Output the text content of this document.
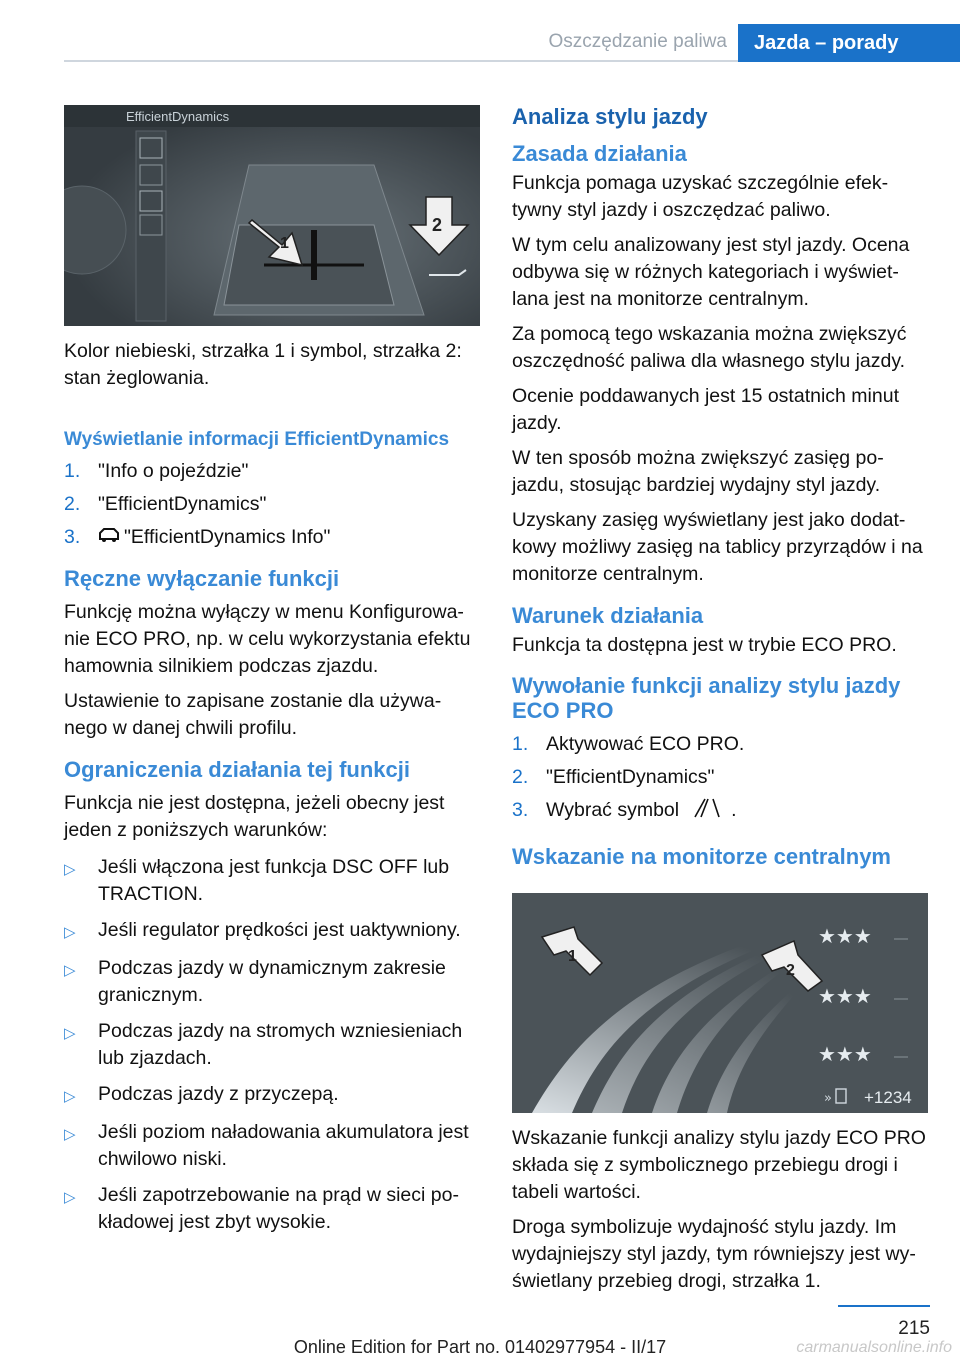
Oszczędzanie paliwa	Jazda – porady
EfficientDynamics
1
2

Kolor niebieski, strzałka 1 i symbol, strzałka 2: stan żeglowania.

Wyświetlanie informacji EfficientDynamics
1. "Info o pojeździe"
2. "EfficientDynamics"
3.	"EfficientDynamics Info"
Ręczne wyłączanie funkcji

Funkcję można wyłączy w menu Konfigurowa‐nie ECO PRO, np. w celu wykorzystania efektu hamownia silnikiem podczas zjazdu.

Ustawienie to zapisane zostanie dla używa‐nego w danej chwili profilu.

Ograniczenia działania tej funkcji

Funkcja nie jest dostępna, jeżeli obecny jest jeden z poniższych warunków:

▷	Jeśli włączona jest funkcja DSC OFF lub TRACTION.
▷	Jeśli regulator prędkości jest uaktywniony.
▷	Podczas jazdy w dynamicznym zakresie granicznym.
▷	Podczas jazdy na stromych wzniesieniach lub zjazdach.
▷	Podczas jazdy z przyczepą.
▷	Jeśli poziom naładowania akumulatora jest chwilowo niski.
▷	Jeśli zapotrzebowanie na prąd w sieci po‐kładowej jest zbyt wysokie.
Analiza stylu jazdy
Zasada działania

Funkcja pomaga uzyskać szczególnie efek‐tywny styl jazdy i oszczędzać paliwo.

W tym celu analizowany jest styl jazdy. Ocena odbywa się w różnych kategoriach i wyświet‐lana jest na monitorze centralnym.

Za pomocą tego wskazania można zwiększyć oszczędność paliwa dla własnego stylu jazdy.

Ocenie poddawanych jest 15 ostatnich minut jazdy.

W ten sposób można zwiększyć zasięg po‐jazdu, stosując bardziej wydajny styl jazdy.

Uzyskany zasięg wyświetlany jest jako dodat‐kowy możliwy zasięg na tablicy przyrządów i na monitorze centralnym.

Warunek działania

Funkcja ta dostępna jest w trybie ECO PRO.

Wywołanie funkcji analizy stylu jazdy ECO PRO
1. Aktywować ECO PRO.
2. "EfficientDynamics"
3. Wybrać symbol	.
Wskazanie na monitorze centralnym
1
2
★★★
★★★
★★★
» +1234

Wskazanie funkcji analizy stylu jazdy ECO PRO składa się z symbolicznego przebiegu drogi i tabeli wartości.

Droga symbolizuje wydajność stylu jazdy. Im wydajniejszy styl jazdy, tym równiejszy jest wy‐świetlany przebieg drogi, strzałka 1.

215
Online Edition for Part no. 01402977954 - II/17	carmanualsonline.info
